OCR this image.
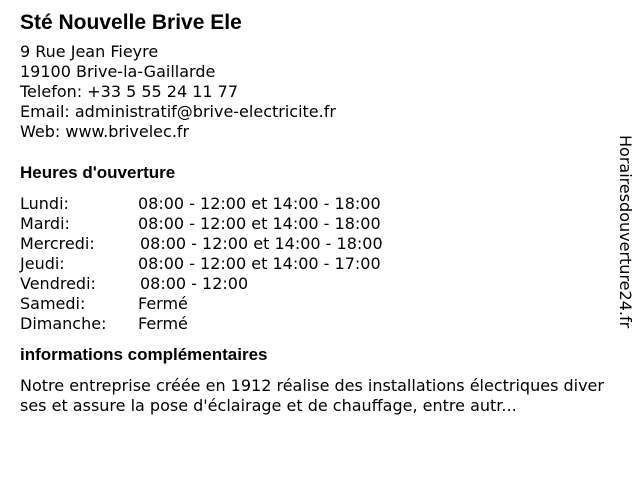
Sté Nouvelle Brive Ele
9 Rue Jean Fieyre
19100 Brive-la-Gaillarde
Telefon: +33 5 55 24 11 77
Email: administratif@brive-electricite.fr
Web: www.brivelec.fr
Heures d'ouverture
Lundi:	08:00 - 12:00 et 14:00 - 18:00
Mardi:	08:00 - 12:00 et 14:00 - 18:00
Mercredi:	08:00 - 12:00 et 14:00 - 18:00
Jeudi:	08:00 - 12:00 et 14:00 - 17:00
Vendredi:	08:00 - 12:00
Samedi:	Fermé
Dimanche: Fermé
informations complémentaires
Notre entreprise créée en 1912 réalise des installations électriques diverses et assure la pose d'éclairage et de chauffage, entre autr...
Horairesdouverture24.fr
